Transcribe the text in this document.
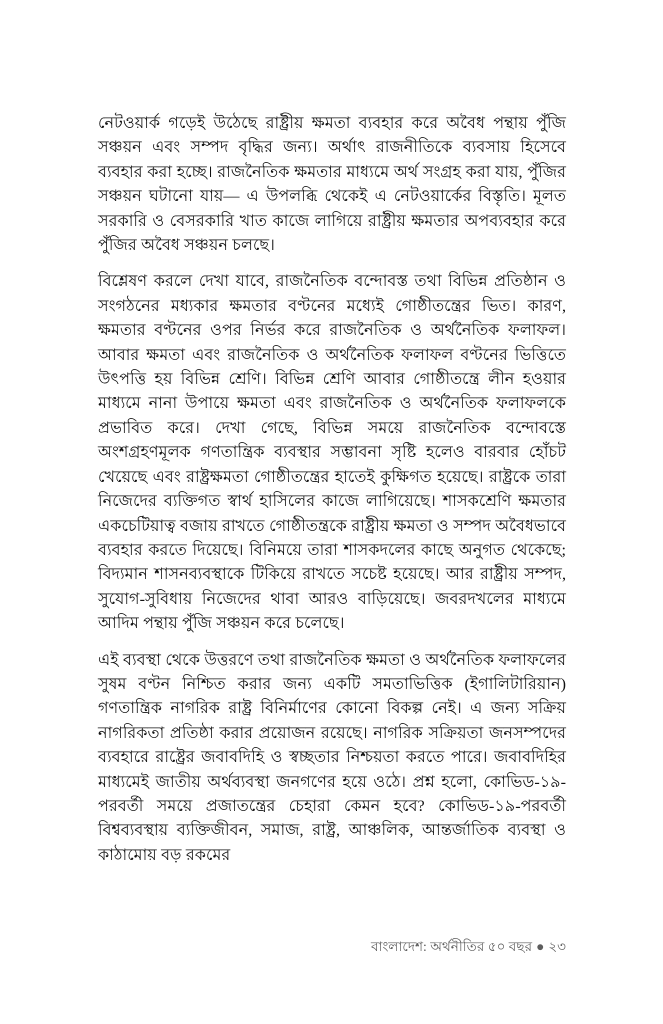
নেটওয়ার্ক গড়েই উঠেছে রাষ্ট্রীয় ক্ষমতা ব্যবহার করে অবৈধ পন্থায় পুঁজি সঞ্চয়ন এবং সম্পদ বৃদ্ধির জন্য। অর্থাৎ রাজনীতিকে ব্যবসায় হিসেবে ব্যবহার করা হচ্ছে। রাজনৈতিক ক্ষমতার মাধ্যমে অর্থ সংগ্রহ করা যায়, পুঁজির সঞ্চয়ন ঘটানো যায়— এ উপলব্ধি থেকেই এ নেটওয়ার্কের বিস্তৃতি। মূলত সরকারি ও বেসরকারি খাত কাজে লাগিয়ে রাষ্ট্রীয় ক্ষমতার অপব্যবহার করে পুঁজির অবৈধ সঞ্চয়ন চলছে।

বিশ্লেষণ করলে দেখা যাবে, রাজনৈতিক বন্দোবস্ত তথা বিভিন্ন প্রতিষ্ঠান ও সংগঠনের মধ্যকার ক্ষমতার বণ্টনের মধ্যেই গোষ্ঠীতন্ত্রের ভিত। কারণ, ক্ষমতার বণ্টনের ওপর নির্ভর করে রাজনৈতিক ও অর্থনৈতিক ফলাফল। আবার ক্ষমতা এবং রাজনৈতিক ও অর্থনৈতিক ফলাফল বণ্টনের ভিত্তিতে উৎপত্তি হয় বিভিন্ন শ্রেণি। বিভিন্ন শ্রেণি আবার গোষ্ঠীতন্ত্রে লীন হওয়ার মাধ্যমে নানা উপায়ে ক্ষমতা এবং রাজনৈতিক ও অর্থনৈতিক ফলাফলকে প্রভাবিত করে। দেখা গেছে, বিভিন্ন সময়ে রাজনৈতিক বন্দোবস্তে অংশগ্রহণমূলক গণতান্ত্রিক ব্যবস্থার সম্ভাবনা সৃষ্টি হলেও বারবার হোঁচট খেয়েছে এবং রাষ্ট্রক্ষমতা গোষ্ঠীতন্ত্রের হাতেই কুক্ষিগত হয়েছে। রাষ্ট্রকে তারা নিজেদের ব্যক্তিগত স্বার্থ হাসিলের কাজে লাগিয়েছে। শাসকশ্রেণি ক্ষমতার একচেটিয়াত্ব বজায় রাখতে গোষ্ঠীতন্ত্রকে রাষ্ট্রীয় ক্ষমতা ও সম্পদ অবৈধভাবে ব্যবহার করতে দিয়েছে। বিনিময়ে তারা শাসকদলের কাছে অনুগত থেকেছে; বিদ্যমান শাসনব্যবস্থাকে টিকিয়ে রাখতে সচেষ্ট হয়েছে। আর রাষ্ট্রীয় সম্পদ, সুযোগ-সুবিধায় নিজেদের থাবা আরও বাড়িয়েছে। জবরদখলের মাধ্যমে আদিম পন্থায় পুঁজি সঞ্চয়ন করে চলেছে।

এই ব্যবস্থা থেকে উত্তরণে তথা রাজনৈতিক ক্ষমতা ও অর্থনৈতিক ফলাফলের সুষম বণ্টন নিশ্চিত করার জন্য একটি সমতাভিত্তিক (ইগালিটারিয়ান) গণতান্ত্রিক নাগরিক রাষ্ট্র বিনির্মাণের কোনো বিকল্প নেই। এ জন্য সক্রিয় নাগরিকতা প্রতিষ্ঠা করার প্রয়োজন রয়েছে। নাগরিক সক্রিয়তা জনসম্পদের ব্যবহারে রাষ্ট্রের জবাবদিহি ও স্বচ্ছতার নিশ্চয়তা করতে পারে। জবাবদিহির মাধ্যমেই জাতীয় অর্থব্যবস্থা জনগণের হয়ে ওঠে। প্রশ্ন হলো, কোভিড-১৯-পরবর্তী সময়ে প্রজাতন্ত্রের চেহারা কেমন হবে? কোভিড-১৯-পরবর্তী বিশ্বব্যবস্থায় ব্যক্তিজীবন, সমাজ, রাষ্ট্র, আঞ্চলিক, আন্তর্জাতিক ব্যবস্থা ও কাঠামোয় বড় রকমের

বাংলাদেশ: অর্থনীতির ৫০ বছর ● ২৩
